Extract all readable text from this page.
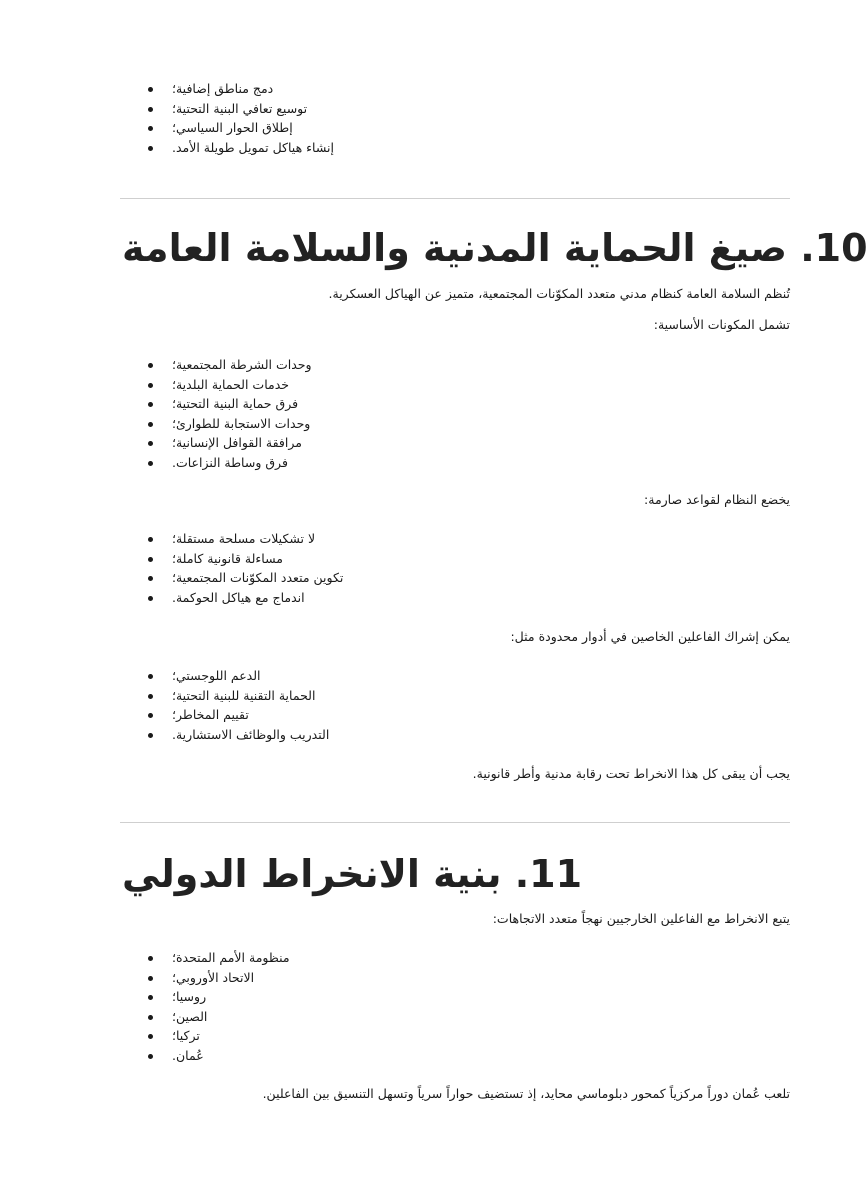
دمج مناطق إضافية؛
توسيع تعافي البنية التحتية؛
إطلاق الحوار السياسي؛
إنشاء هياكل تمويل طويلة الأمد.
10. صيغ الحماية المدنية والسلامة العامة
تُنظم السلامة العامة كنظام مدني متعدد المكوّنات المجتمعية، متميز عن الهياكل العسكرية.
تشمل المكونات الأساسية:
وحدات الشرطة المجتمعية؛
خدمات الحماية البلدية؛
فرق حماية البنية التحتية؛
وحدات الاستجابة للطوارئ؛
مرافقة القوافل الإنسانية؛
فرق وساطة النزاعات.
يخضع النظام لقواعد صارمة:
لا تشكيلات مسلحة مستقلة؛
مساءلة قانونية كاملة؛
تكوين متعدد المكوّنات المجتمعية؛
اندماج مع هياكل الحوكمة.
يمكن إشراك الفاعلين الخاصين في أدوار محدودة مثل:
الدعم اللوجستي؛
الحماية التقنية للبنية التحتية؛
تقييم المخاطر؛
التدريب والوظائف الاستشارية.
يجب أن يبقى كل هذا الانخراط تحت رقابة مدنية وأطر قانونية.
11. بنية الانخراط الدولي
يتبع الانخراط مع الفاعلين الخارجيين نهجاً متعدد الاتجاهات:
منظومة الأمم المتحدة؛
الاتحاد الأوروبي؛
روسيا؛
الصين؛
تركيا؛
عُمان.
تلعب عُمان دوراً مركزياً كمحور دبلوماسي محايد، إذ تستضيف حواراً سرياً وتسهل التنسيق بين الفاعلين.
